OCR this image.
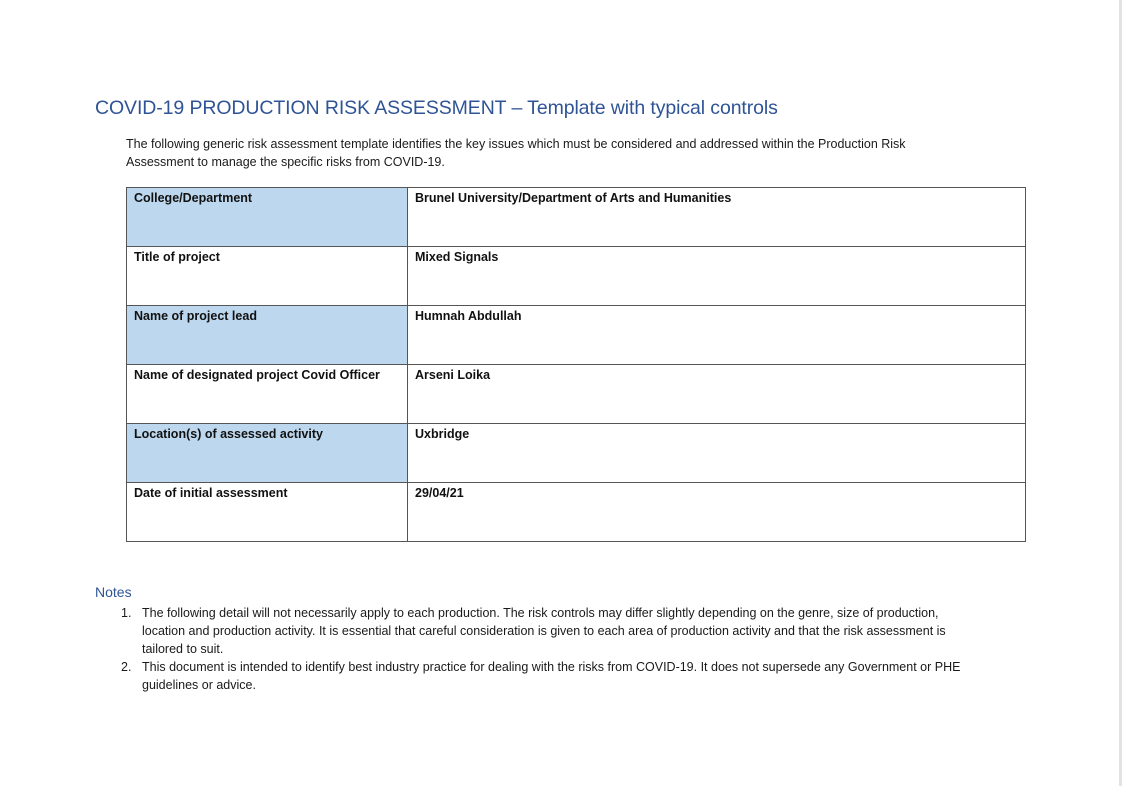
COVID-19 PRODUCTION RISK ASSESSMENT – Template with typical controls

The following generic risk assessment template identifies the key issues which must be considered and addressed within the Production Risk Assessment to manage the specific risks from COVID-19.

College/Department	Brunel University/Department of Arts and Humanities
Title of project	Mixed Signals
Name of project lead	Humnah Abdullah
Name of designated project Covid Officer	Arseni Loika
Location(s) of assessed activity	Uxbridge
Date of initial assessment	29/04/21
Notes
1. The following detail will not necessarily apply to each production. The risk controls may differ slightly depending on the genre, size of production, location and production activity. It is essential that careful consideration is given to each area of production activity and that the risk assessment is tailored to suit.
2. This document is intended to identify best industry practice for dealing with the risks from COVID-19. It does not supersede any Government or PHE guidelines or advice.
